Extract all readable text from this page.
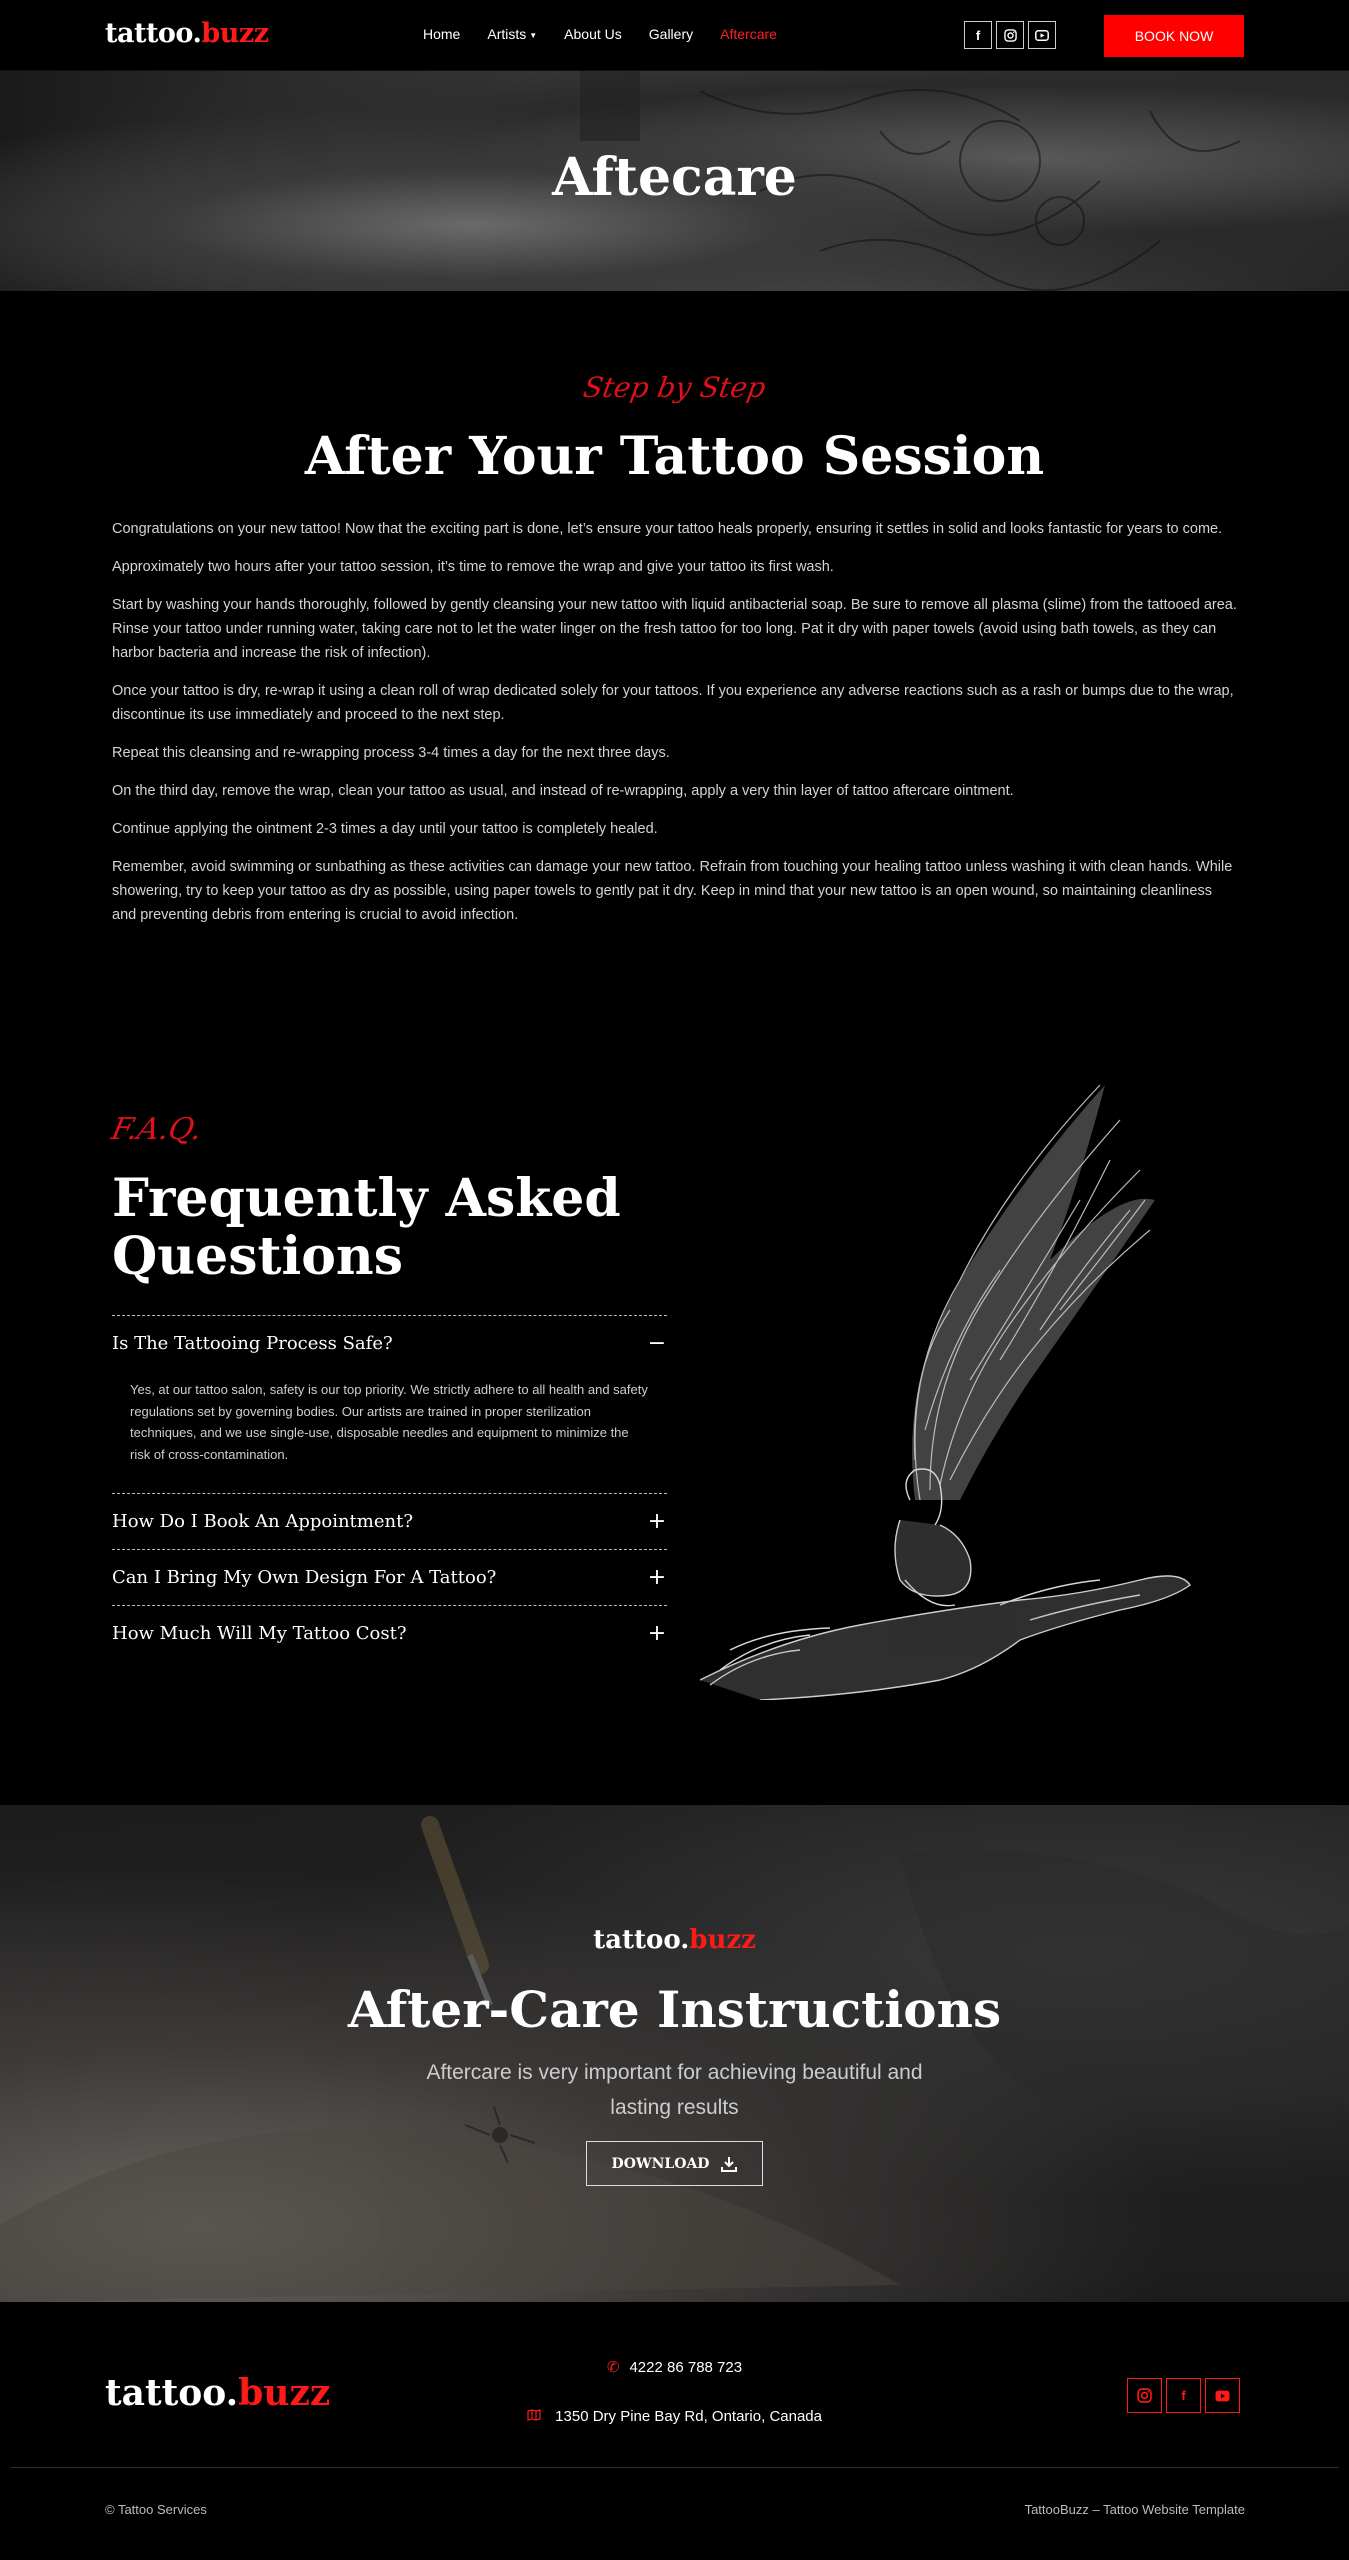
tattoo.buzz	Home Artists ▼ About Us Gallery Aftercare	f	BOOK NOW
Aftecare
Step by Step
After Your Tattoo Session

Congratulations on your new tattoo! Now that the exciting part is done, let’s ensure your tattoo heals properly, ensuring it settles in solid and looks fantastic for years to come.

Approximately two hours after your tattoo session, it’s time to remove the wrap and give your tattoo its first wash.

Start by washing your hands thoroughly, followed by gently cleansing your new tattoo with liquid antibacterial soap. Be sure to remove all plasma (slime) from the tattooed area. Rinse your tattoo under running water, taking care not to let the water linger on the fresh tattoo for too long. Pat it dry with paper towels (avoid using bath towels, as they can harbor bacteria and increase the risk of infection).

Once your tattoo is dry, re-wrap it using a clean roll of wrap dedicated solely for your tattoos. If you experience any adverse reactions such as a rash or bumps due to the wrap, discontinue its use immediately and proceed to the next step.

Repeat this cleansing and re-wrapping process 3-4 times a day for the next three days.

On the third day, remove the wrap, clean your tattoo as usual, and instead of re-wrapping, apply a very thin layer of tattoo aftercare ointment.

Continue applying the ointment 2-3 times a day until your tattoo is completely healed.

Remember, avoid swimming or sunbathing as these activities can damage your new tattoo. Refrain from touching your healing tattoo unless washing it with clean hands. While showering, try to keep your tattoo as dry as possible, using paper towels to gently pat it dry. Keep in mind that your new tattoo is an open wound, so maintaining cleanliness and preventing debris from entering is crucial to avoid infection.

F.A.Q.
Frequently Asked Questions
Is The Tattooing Process Safe?	−
Yes, at our tattoo salon, safety is our top priority. We strictly adhere to all health and safety regulations set by governing bodies. Our artists are trained in proper sterilization techniques, and we use single-use, disposable needles and equipment to minimize the risk of cross-contamination.
How Do I Book An Appointment?	+
Can I Bring My Own Design For A Tattoo?	+
How Much Will My Tattoo Cost?	+
tattoo.buzz
After-Care Instructions

Aftercare is very important for achieving beautiful and lasting results

DOWNLOAD
tattoo.buzz
✆ 4222 86 788 723
1350 Dry Pine Bay Rd, Ontario, Canada
f
© Tattoo Services	TattooBuzz – Tattoo Website Template
